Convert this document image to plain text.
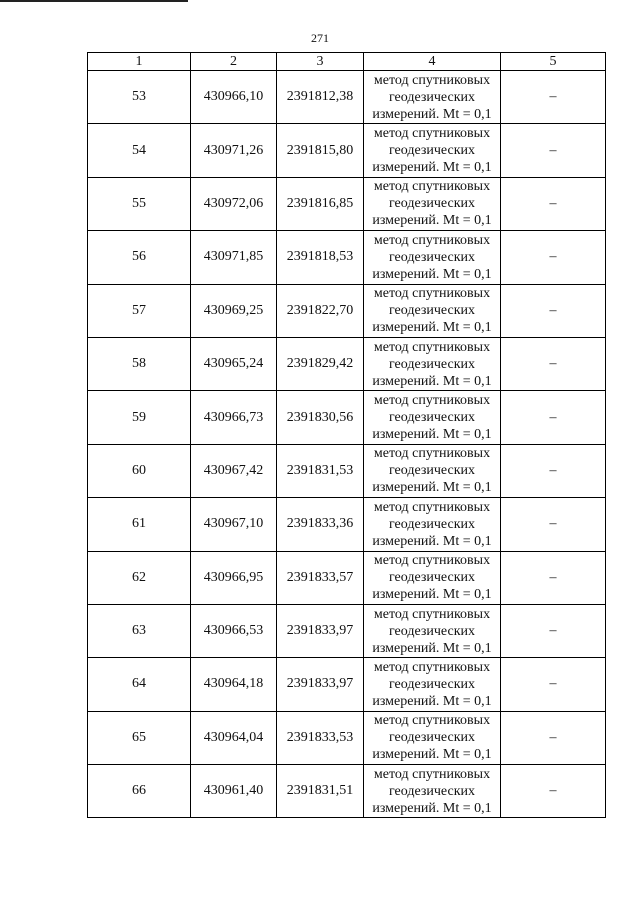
271
1	2	3	4	5
53	430966,10	2391812,38	метод спутниковых
геодезических
измерений. Mt = 0,1	–
54	430971,26	2391815,80	метод спутниковых
геодезических
измерений. Mt = 0,1	–
55	430972,06	2391816,85	метод спутниковых
геодезических
измерений. Mt = 0,1	–
56	430971,85	2391818,53	метод спутниковых
геодезических
измерений. Mt = 0,1	–
57	430969,25	2391822,70	метод спутниковых
геодезических
измерений. Mt = 0,1	–
58	430965,24	2391829,42	метод спутниковых
геодезических
измерений. Mt = 0,1	–
59	430966,73	2391830,56	метод спутниковых
геодезических
измерений. Mt = 0,1	–
60	430967,42	2391831,53	метод спутниковых
геодезических
измерений. Mt = 0,1	–
61	430967,10	2391833,36	метод спутниковых
геодезических
измерений. Mt = 0,1	–
62	430966,95	2391833,57	метод спутниковых
геодезических
измерений. Mt = 0,1	–
63	430966,53	2391833,97	метод спутниковых
геодезических
измерений. Mt = 0,1	–
64	430964,18	2391833,97	метод спутниковых
геодезических
измерений. Mt = 0,1	–
65	430964,04	2391833,53	метод спутниковых
геодезических
измерений. Mt = 0,1	–
66	430961,40	2391831,51	метод спутниковых
геодезических
измерений. Mt = 0,1	–
